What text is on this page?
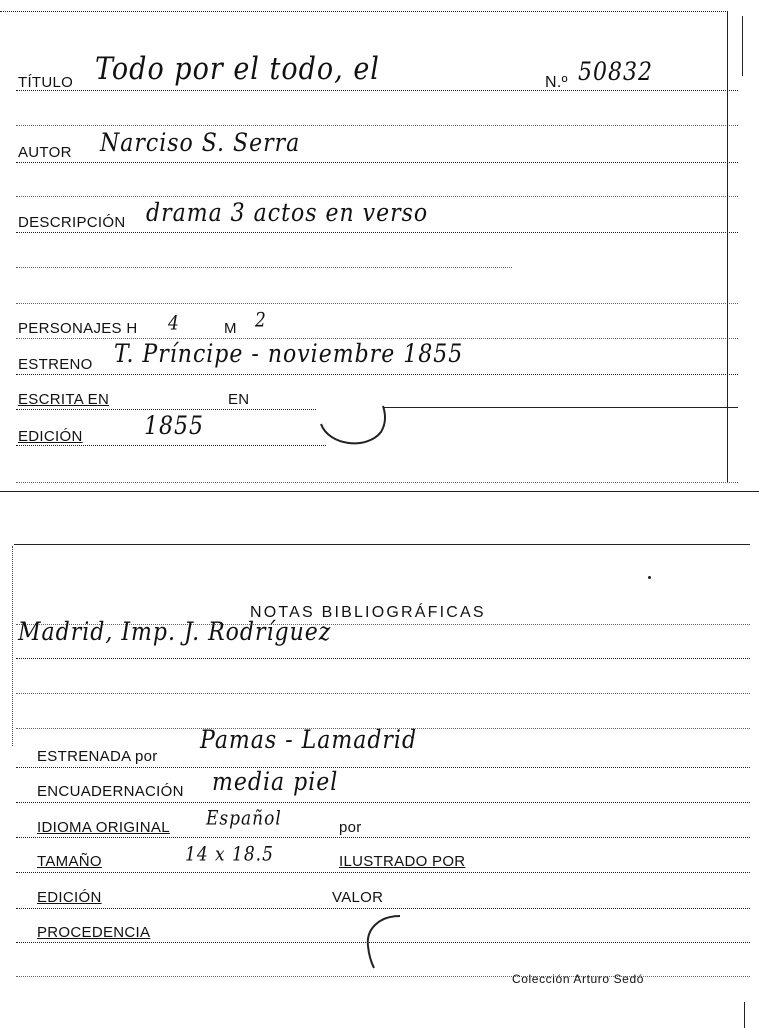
TÍTULO Todo por el todo, el	N.º 50832
AUTOR Narciso S. Serra
DESCRIPCIÓN drama 3 actos en verso
PERSONAJES H 4	M 2
ESTRENO T. Príncipe - noviembre 1855
ESCRITA EN	EN
EDICIÓN	1855
NOTAS BIBLIOGRÁFICAS
Madrid, Imp. J. Rodríguez
ESTRENADA por
Pamas - Lamadrid
ENCUADERNACIÓN media piel
IDIOMA ORIGINAL Español	por
TAMAÑO	14 x 18.5	ILUSTRADO POR
EDICIÓN	VALOR
PROCEDENCIA
Colección Arturo Sedó
